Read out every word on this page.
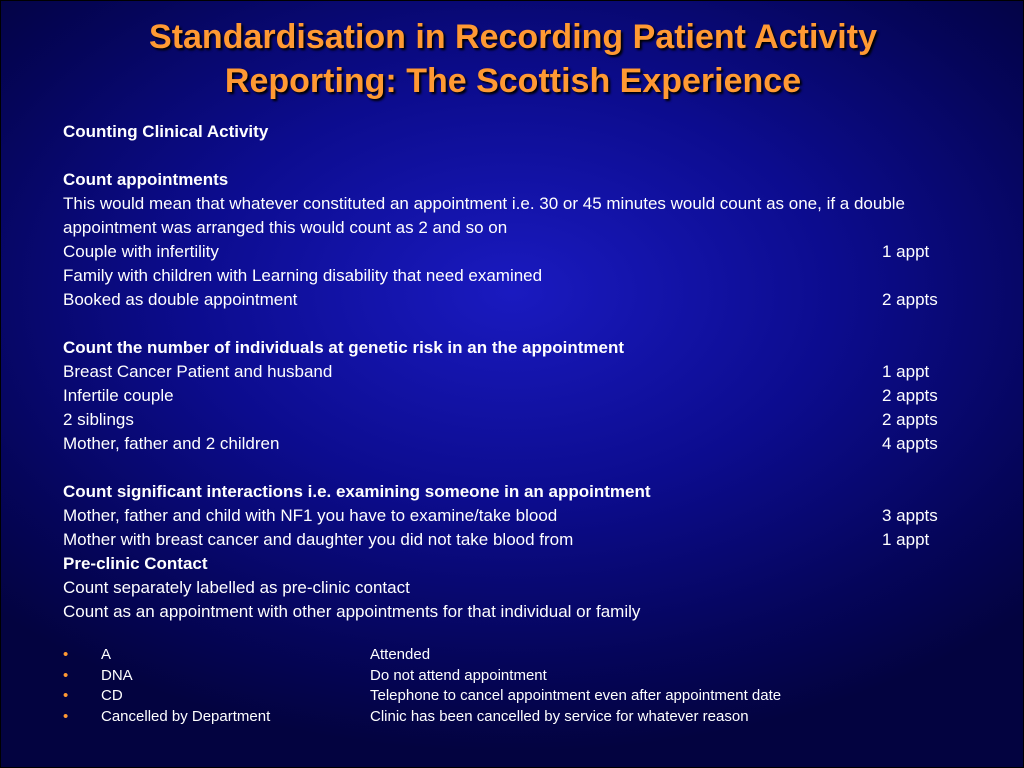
Standardisation in Recording Patient Activity
Reporting: The Scottish Experience
Counting Clinical Activity
Count appointments
This would mean that whatever constituted an appointment i.e. 30 or 45 minutes would count as one, if a double appointment was arranged this would count as 2 and so on
Couple with infertility	1 appt
Family with children with Learning disability that need examined
Booked as double appointment	2 appts
Count the number of individuals at genetic risk in an the appointment
Breast Cancer Patient and husband	1 appt
Infertile couple	2 appts
2 siblings	2 appts
Mother, father and 2 children	4 appts
Count significant interactions i.e. examining someone in an appointment
Mother, father and child with NF1 you have to examine/take blood	3 appts
Mother with breast cancer and daughter you did not take blood from	1 appt
Pre-clinic Contact
Count separately labelled as pre-clinic contact
Count as an appointment with other appointments for that individual or family
• A	Attended
• DNA	Do not attend appointment
• CD	Telephone to cancel appointment even after appointment date
• Cancelled by Department	Clinic has been cancelled by service for whatever reason
